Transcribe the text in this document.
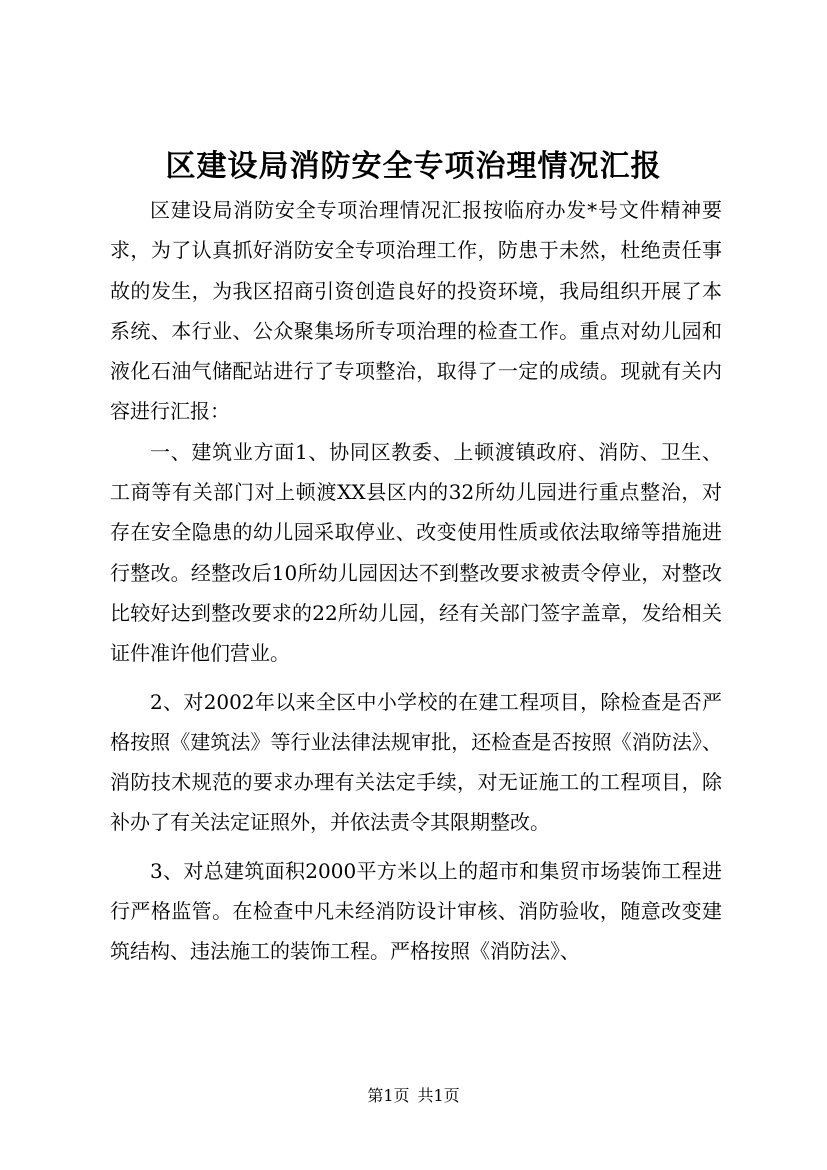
区建设局消防安全专项治理情况汇报

区建设局消防安全专项治理情况汇报按临府办发*号文件精神要求，为了认真抓好消防安全专项治理工作，防患于未然，杜绝责任事故的发生，为我区招商引资创造良好的投资环境，我局组织开展了本系统、本行业、公众聚集场所专项治理的检查工作。重点对幼儿园和液化石油气储配站进行了专项整治，取得了一定的成绩。现就有关内容进行汇报：

一、建筑业方面1、协同区教委、上顿渡镇政府、消防、卫生、工商等有关部门对上顿渡XX县区内的32所幼儿园进行重点整治，对存在安全隐患的幼儿园采取停业、改变使用性质或依法取缔等措施进行整改。经整改后10所幼儿园因达不到整改要求被责令停业，对整改比较好达到整改要求的22所幼儿园，经有关部门签字盖章，发给相关证件准许他们营业。

2、对2002年以来全区中小学校的在建工程项目，除检查是否严格按照《建筑法》等行业法律法规审批，还检查是否按照《消防法》、消防技术规范的要求办理有关法定手续，对无证施工的工程项目，除补办了有关法定证照外，并依法责令其限期整改。

3、对总建筑面积2000平方米以上的超市和集贸市场装饰工程进行严格监管。在检查中凡未经消防设计审核、消防验收，随意改变建筑结构、违法施工的装饰工程。严格按照《消防法》、

第1页 共1页
